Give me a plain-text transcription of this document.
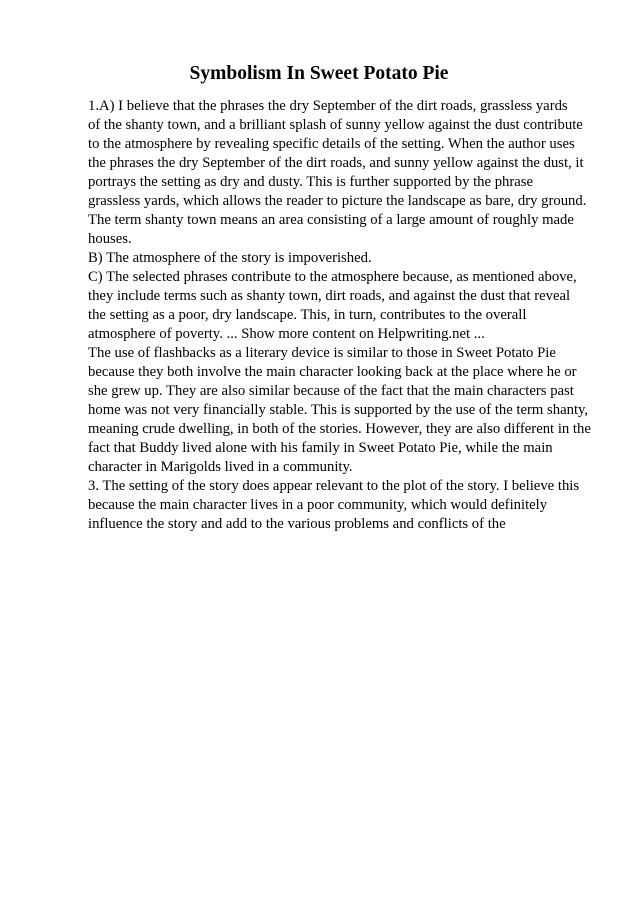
Symbolism In Sweet Potato Pie
1.A) I believe that the phrases the dry September of the dirt roads, grassless yards
of the shanty town, and a brilliant splash of sunny yellow against the dust contribute
to the atmosphere by revealing specific details of the setting. When the author uses
the phrases the dry September of the dirt roads, and sunny yellow against the dust, it
portrays the setting as dry and dusty. This is further supported by the phrase
grassless yards, which allows the reader to picture the landscape as bare, dry ground.
The term shanty town means an area consisting of a large amount of roughly made
houses.
B) The atmosphere of the story is impoverished.
C) The selected phrases contribute to the atmosphere because, as mentioned above,
they include terms such as shanty town, dirt roads, and against the dust that reveal
the setting as a poor, dry landscape. This, in turn, contributes to the overall
atmosphere of poverty. ... Show more content on Helpwriting.net ...
The use of flashbacks as a literary device is similar to those in Sweet Potato Pie
because they both involve the main character looking back at the place where he or
she grew up. They are also similar because of the fact that the main characters past
home was not very financially stable. This is supported by the use of the term shanty,
meaning crude dwelling, in both of the stories. However, they are also different in the
fact that Buddy lived alone with his family in Sweet Potato Pie, while the main
character in Marigolds lived in a community.
3. The setting of the story does appear relevant to the plot of the story. I believe this
because the main character lives in a poor community, which would definitely
influence the story and add to the various problems and conflicts of the
